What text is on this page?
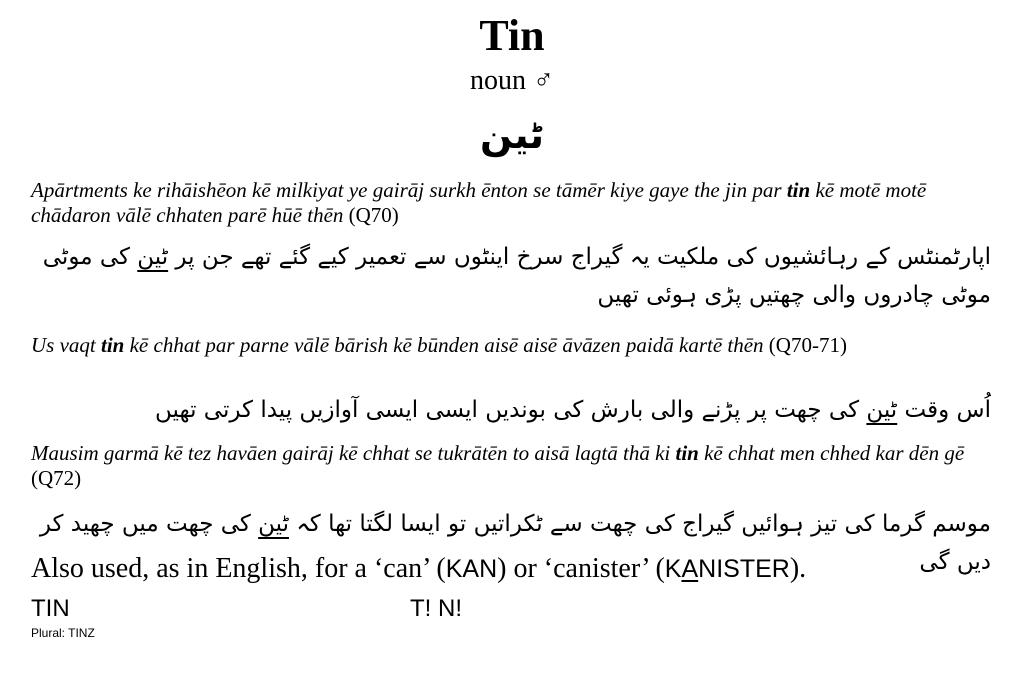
Tin
noun ♂
ٹین
Apārtments ke rihāishēon kē milkiyat ye gairāj surkh ēnton se tāmēr kiye gaye the jin par tin kē motē motē chādaron vālē chhaten parē hūē thēn (Q70)
اپارٹمنٹس کے رہائشیوں کی ملکیت یہ گیراج سرخ اینٹوں سے تعمیر کیے گئے تھے جن پر ٹین کی موٹی موٹی چادروں والی چھتیں پڑی ہوئی تھیں
Us vaqt tin kē chhat par parne vālē bārish kē būnden aisē aisē āvāzen paidā kartē thēn (Q70-71)
اُس وقت ٹین کی چھت پر پڑنے والی بارش کی بوندیں ایسی ایسی آوازیں پیدا کرتی تھیں
Mausim garmā kē tez havāen gairāj kē chhat se tukrātēn to aisā lagtā thā ki tin kē chhat men chhed kar dēn gē (Q72)
موسم گرما کی تیز ہوائیں گیراج کی چھت سے ٹکراتیں تو ایسا لگتا تھا کہ ٹین کی چھت میں چھید کر دیں گی
Also used, as in English, for a ‘can’ (KAN) or ‘canister’ (KANISTER).
TIN	T! N!
Plural: TINZ
